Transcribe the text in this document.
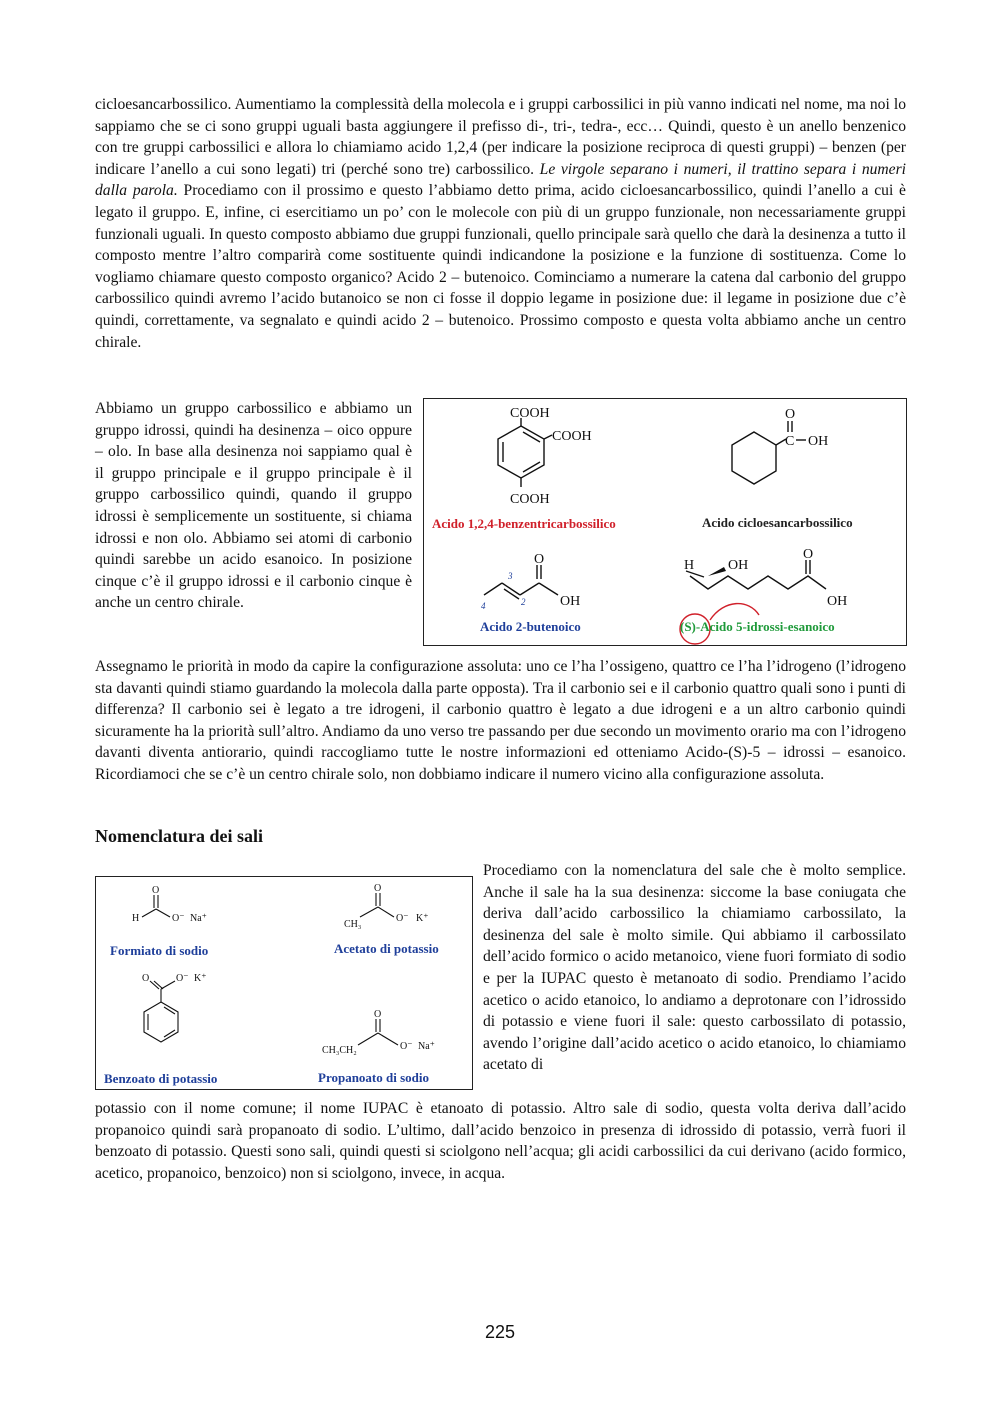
cicloesancarbossilico. Aumentiamo la complessità della molecola e i gruppi carbossilici in più vanno indicati nel nome, ma noi lo sappiamo che se ci sono gruppi uguali basta aggiungere il prefisso di-, tri-, tedra-, ecc… Quindi, questo è un anello benzenico con tre gruppi carbossilici e allora lo chiamiamo acido 1,2,4 (per indicare la posizione reciproca di questi gruppi) – benzen (per indicare l’anello a cui sono legati) tri (perché sono tre) carbossilico. Le virgole separano i numeri, il trattino separa i numeri dalla parola. Procediamo con il prossimo e questo l’abbiamo detto prima, acido cicloesancarbossilico, quindi l’anello a cui è legato il gruppo. E, infine, ci esercitiamo un po’ con le molecole con più di un gruppo funzionale, non necessariamente gruppi funzionali uguali. In questo composto abbiamo due gruppi funzionali, quello principale sarà quello che darà la desinenza a tutto il composto mentre l’altro comparirà come sostituente quindi indicandone la posizione e la funzione di sostituenza. Come lo vogliamo chiamare questo composto organico? Acido 2 – butenoico. Cominciamo a numerare la catena dal carbonio del gruppo carbossilico quindi avremo l’acido butanoico se non ci fosse il doppio legame in posizione due: il legame in posizione due c’è quindi, correttamente, va segnalato e quindi acido 2 – butenoico. Prossimo composto e questa volta abbiamo anche un centro chirale.

Abbiamo un gruppo carbossilico e abbiamo un gruppo idrossi, quindi ha desinenza – oico oppure – olo. In base alla desinenza noi sappiamo qual è il gruppo principale e il gruppo principale è il gruppo carbossilico quindi, quando il gruppo idrossi è semplicemente un sostituente, si chiama idrossi e non olo. Abbiamo sei atomi di carbonio quindi sarebbe un acido esanoico. In posizione cinque c’è il gruppo idrossi e il carbonio cinque è anche un centro chirale.

COOH
COOH
COOH
O
C OH
O
OH
H OH
O
OH
3
2
4
Acido 1,2,4-benzentricarbossilico	Acido cicloesancarbossilico
Acido 2-butenoico	(S)-Acido 5-idrossi-esanoico

Assegnamo le priorità in modo da capire la configurazione assoluta: uno ce l’ha l’ossigeno, quattro ce l’ha l’idrogeno (l’idrogeno sta davanti quindi stiamo guardando la molecola dalla parte opposta). Tra il carbonio sei e il carbonio quattro quali sono i punti di differenza? Il carbonio sei è legato a tre idrogeni, il carbonio quattro è legato a due idrogeni e a un altro carbonio quindi sicuramente ha la priorità sull’altro. Andiamo da uno verso tre passando per due secondo un movimento orario ma con l’idrogeno davanti diventa antiorario, quindi raccogliamo tutte le nostre informazioni ed otteniamo Acido-(S)-5 – idrossi – esanoico. Ricordiamoci che se c’è un centro chirale solo, non dobbiamo indicare il numero vicino alla configurazione assoluta.

Nomenclatura dei sali
H
O
O⁻ Na⁺
CH₃
O
O⁻ K⁺
O	O⁻ K⁺
CH₃CH₂
O
O⁻ Na⁺
Formiato di sodio	Acetato di potassio
Benzoato di potassio	Propanoato di sodio

Procediamo con la nomenclatura del sale che è molto semplice. Anche il sale ha la sua desinenza: siccome la base coniugata che deriva dall’acido carbossilico la chiamiamo carbossilato, la desinenza del sale è molto simile. Qui abbiamo il carbossilato dell’acido formico o acido metanoico, viene fuori formiato di sodio e per la IUPAC questo è metanoato di sodio. Prendiamo l’acido acetico o acido etanoico, lo andiamo a deprotonare con l’idrossido di potassio e viene fuori il sale: questo carbossilato di potassio, avendo l’origine dall’acido acetico o acido etanoico, lo chiamiamo acetato di

potassio con il nome comune; il nome IUPAC è etanoato di potassio. Altro sale di sodio, questa volta deriva dall’acido propanoico quindi sarà propanoato di sodio. L’ultimo, dall’acido benzoico in presenza di idrossido di potassio, verrà fuori il benzoato di potassio. Questi sono sali, quindi questi si sciolgono nell’acqua; gli acidi carbossilici da cui derivano (acido formico, acetico, propanoico, benzoico) non si sciolgono, invece, in acqua.

225
